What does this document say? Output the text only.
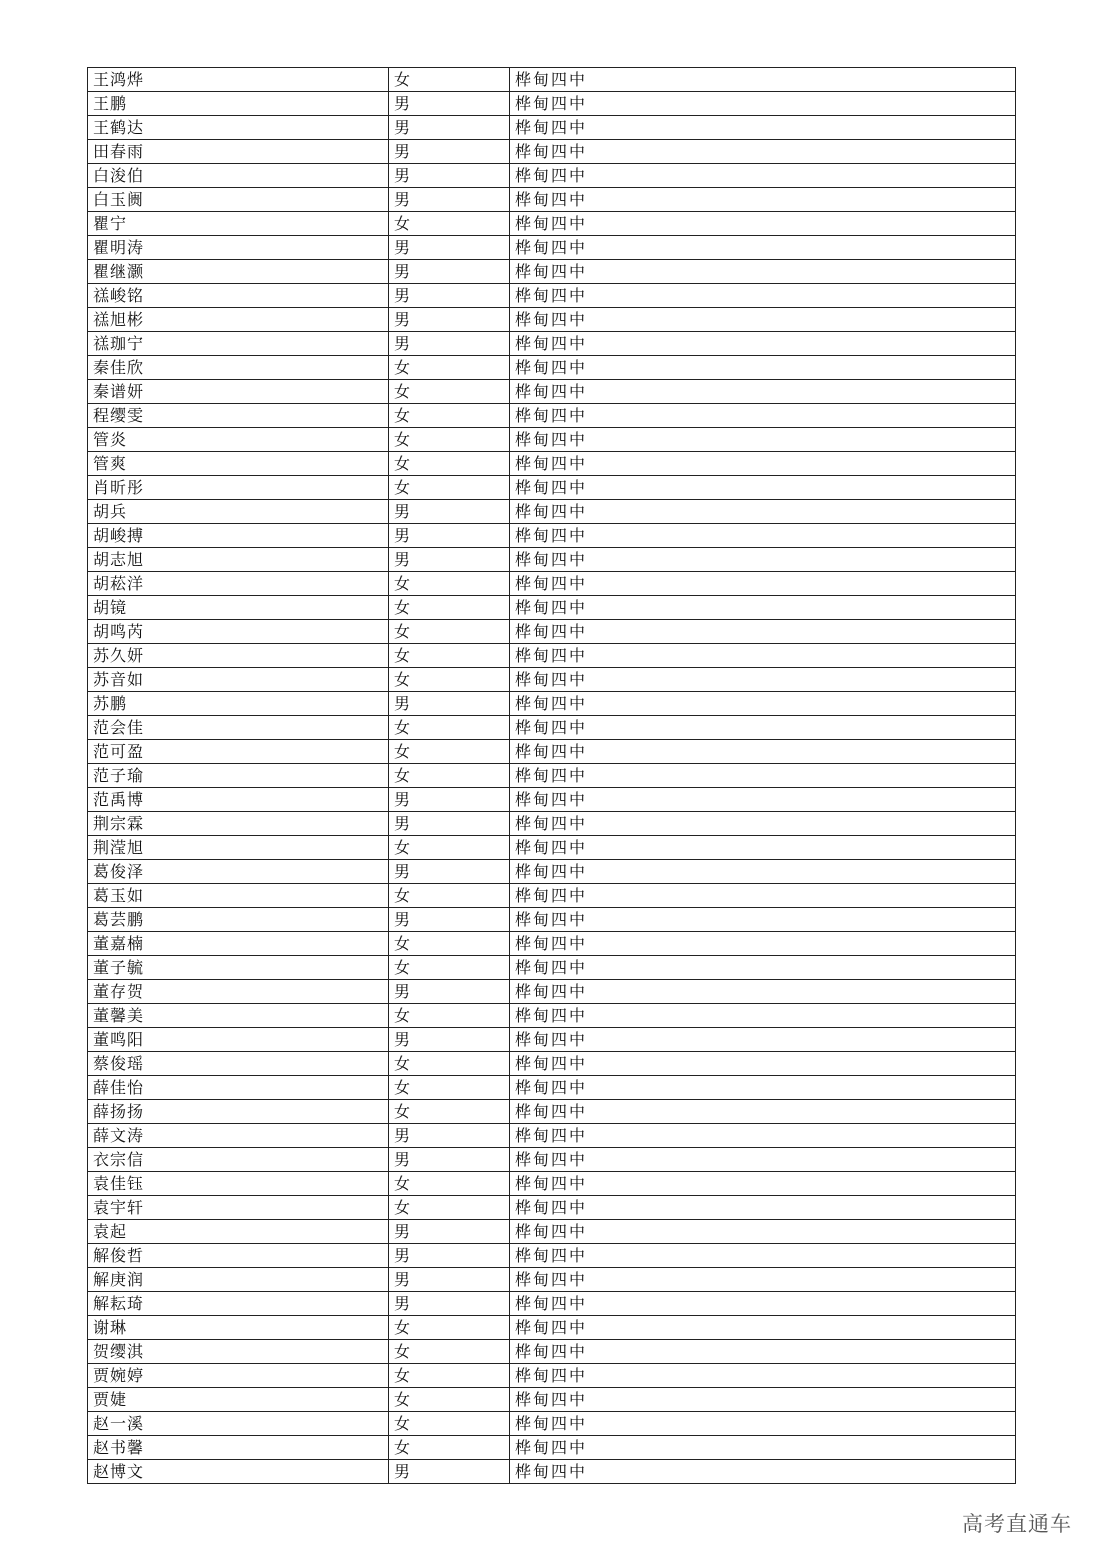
王鸿烨	女	桦甸四中
王鹏	男	桦甸四中
王鹤达	男	桦甸四中
田春雨	男	桦甸四中
白浚伯	男	桦甸四中
白玉阓	男	桦甸四中
瞿宁	女	桦甸四中
瞿明涛	男	桦甸四中
瞿继灏	男	桦甸四中
禚峻铭	男	桦甸四中
禚旭彬	男	桦甸四中
禚珈宁	男	桦甸四中
秦佳欣	女	桦甸四中
秦谱妍	女	桦甸四中
程缨雯	女	桦甸四中
管炎	女	桦甸四中
管爽	女	桦甸四中
肖昕彤	女	桦甸四中
胡兵	男	桦甸四中
胡峻搏	男	桦甸四中
胡志旭	男	桦甸四中
胡菘洋	女	桦甸四中
胡镜	女	桦甸四中
胡鸣芮	女	桦甸四中
苏久妍	女	桦甸四中
苏音如	女	桦甸四中
苏鹏	男	桦甸四中
范会佳	女	桦甸四中
范可盈	女	桦甸四中
范子瑜	女	桦甸四中
范禹博	男	桦甸四中
荆宗霖	男	桦甸四中
荆滢旭	女	桦甸四中
葛俊泽	男	桦甸四中
葛玉如	女	桦甸四中
葛芸鹏	男	桦甸四中
董嘉楠	女	桦甸四中
董子毓	女	桦甸四中
董存贺	男	桦甸四中
董馨美	女	桦甸四中
董鸣阳	男	桦甸四中
蔡俊瑶	女	桦甸四中
薛佳怡	女	桦甸四中
薛扬扬	女	桦甸四中
薛文涛	男	桦甸四中
衣宗信	男	桦甸四中
袁佳钰	女	桦甸四中
袁宇轩	女	桦甸四中
袁起	男	桦甸四中
解俊哲	男	桦甸四中
解庚润	男	桦甸四中
解耘琦	男	桦甸四中
谢琳	女	桦甸四中
贺缨淇	女	桦甸四中
贾婉婷	女	桦甸四中
贾婕	女	桦甸四中
赵一溪	女	桦甸四中
赵书馨	女	桦甸四中
赵博文	男	桦甸四中
高考直通车
